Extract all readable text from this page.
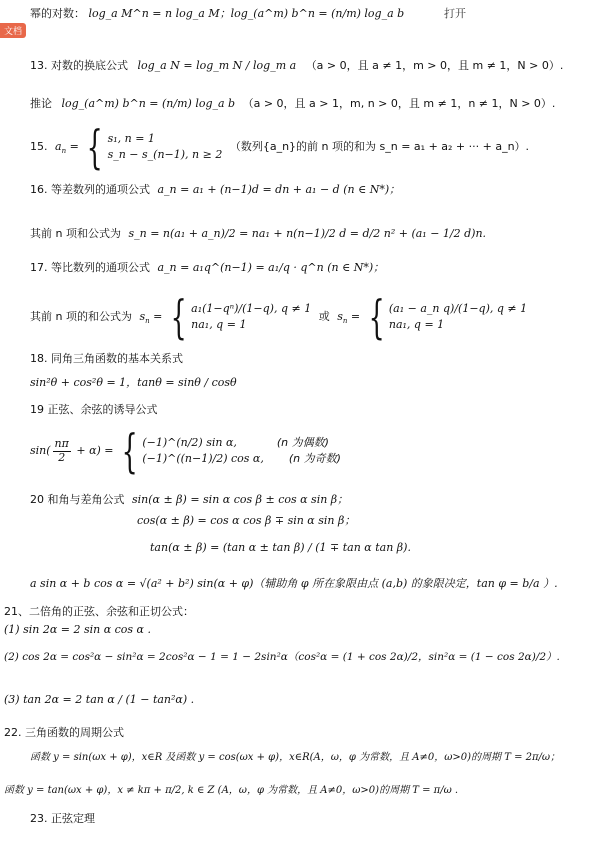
文档
打开
幂的对数： log_a M^n = n log_a M；log_(a^m) b^n = (n/m) log_a b
13. 对数的换底公式 log_a N = log_m N / log_m a （a > 0，且 a ≠ 1，m > 0，且 m ≠ 1，N > 0）.
推论 log_(a^m) b^n = (n/m) log_a b （a > 0，且 a > 1，m, n > 0，且 m ≠ 1，n ≠ 1，N > 0）.
15. $a_n$ = { s₁, n = 1
s_n − s_(n−1), n ≥ 2
（数列{a_n}的前 n 项的和为 s_n = a₁ + a₂ + ··· + a_n）.
16. 等差数列的通项公式 a_n = a₁ + (n−1)d = dn + a₁ − d (n ∈ N*)；
其前 n 项和公式为 s_n = n(a₁ + a_n)/2 = na₁ + n(n−1)/2 d = d/2 n² + (a₁ − 1/2 d)n.
17. 等比数列的通项公式 a_n = a₁q^(n−1) = a₁/q · q^n (n ∈ N*)；
其前 n 项的和公式为 $s_n$ = { a₁(1−qⁿ)/(1−q), q ≠ 1
na₁, q = 1
或 $s_n$ = { (a₁ − a_n q)/(1−q), q ≠ 1
na₁, q = 1
18. 同角三角函数的基本关系式
sin²θ + cos²θ = 1，tanθ = sinθ / cosθ
19 正弦、余弦的诱导公式
$\sin( \frac{n\pi}{2} + \alpha)$ = { (−1)^(n/2) sin α,	(n 为偶数)
(−1)^((n−1)/2) cos α, (n 为奇数)
20 和角与差角公式 sin(α ± β) = sin α cos β ± cos α sin β；
cos(α ± β) = cos α cos β ∓ sin α sin β；
tan(α ± β) = (tan α ± tan β) / (1 ∓ tan α tan β).
a sin α + b cos α = √(a² + b²) sin(α + φ)（辅助角 φ 所在象限由点 (a,b) 的象限决定，tan φ = b/a ）.
21、二倍角的正弦、余弦和正切公式：
(1) sin 2α = 2 sin α cos α .
(2) cos 2α = cos²α − sin²α = 2cos²α − 1 = 1 − 2sin²α（cos²α = (1 + cos 2α)/2，sin²α = (1 − cos 2α)/2）.
(3) tan 2α = 2 tan α / (1 − tan²α) .
22. 三角函数的周期公式
函数 y = sin(ωx + φ)，x∈R 及函数 y = cos(ωx + φ)，x∈R(A，ω，φ 为常数，且 A≠0，ω>0)的周期 T = 2π/ω；
函数 y = tan(ωx + φ)，x ≠ kπ + π/2, k ∈ Z (A，ω，φ 为常数，且 A≠0，ω>0)的周期 T = π/ω .
23. 正弦定理
